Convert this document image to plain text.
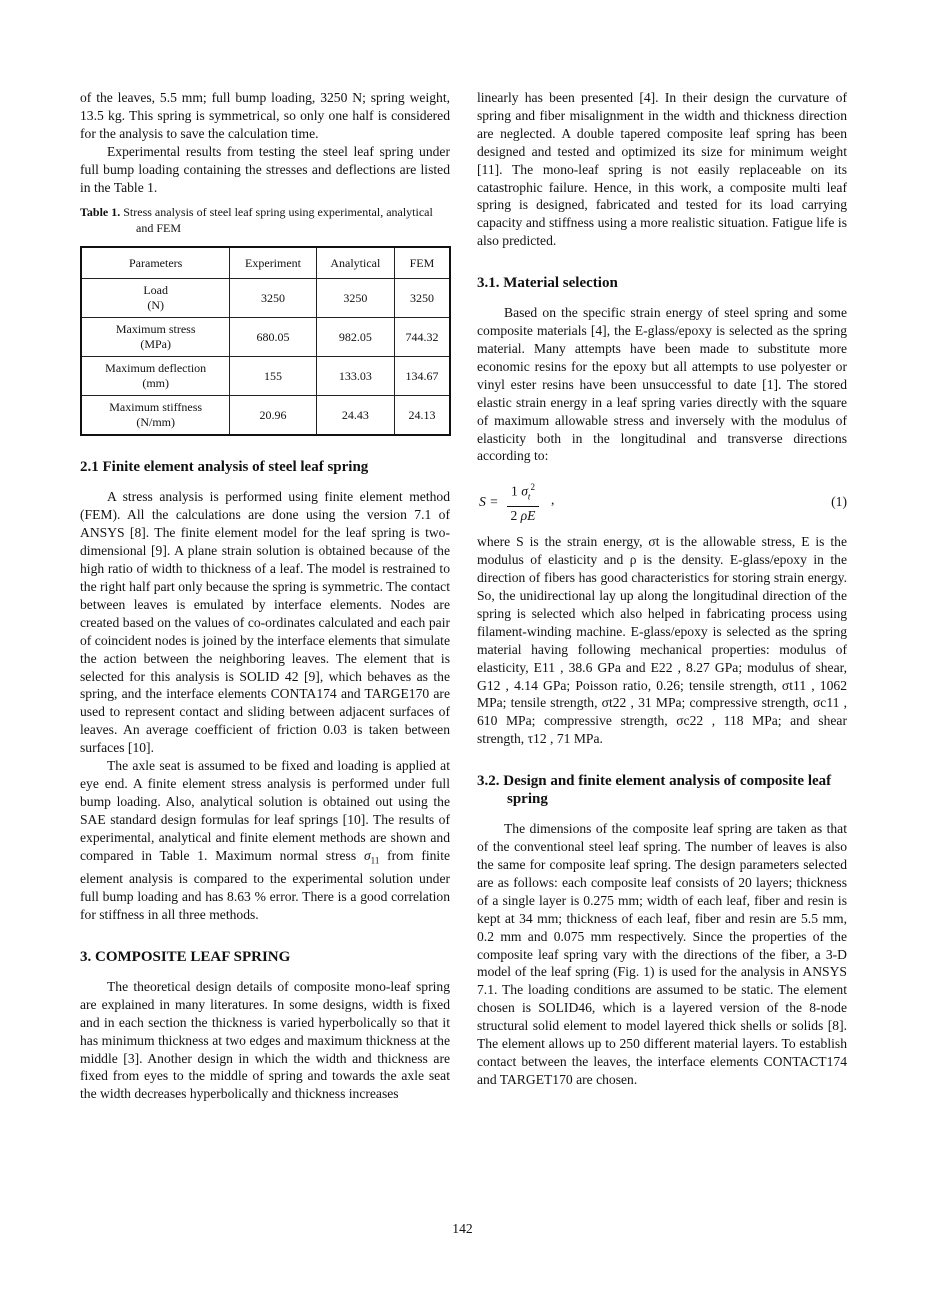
of the leaves, 5.5 mm; full bump loading, 3250 N; spring weight, 13.5 kg. This spring is symmetrical, so only one half is considered for the analysis to save the calculation time.

Experimental results from testing the steel leaf spring under full bump loading containing the stresses and deflections are listed in the Table 1.

Table 1. Stress analysis of steel leaf spring using experimental, analytical and FEM
Parameters	Experiment	Analytical	FEM
Load
(N)	3250	3250	3250
Maximum stress
(MPa)	680.05	982.05	744.32
Maximum deflection
(mm)	155	133.03	134.67
Maximum stiffness
(N/mm)	20.96	24.43	24.13
2.1 Finite element analysis of steel leaf spring

A stress analysis is performed using finite element method (FEM). All the calculations are done using the version 7.1 of ANSYS [8]. The finite element model for the leaf spring is two-dimensional [9]. A plane strain solution is obtained because of the high ratio of width to thickness of a leaf. The model is restrained to the right half part only because the spring is symmetric. The contact between leaves is emulated by interface elements. Nodes are created based on the values of co-ordinates calculated and each pair of coincident nodes is joined by the interface elements that simulate the action between the neighboring leaves. The element that is selected for this analysis is SOLID 42 [9], which behaves as the spring, and the interface elements CONTA174 and TARGE170 are used to represent contact and sliding between adjacent surfaces of leaves. An average coefficient of friction 0.03 is taken between surfaces [10].

The axle seat is assumed to be fixed and loading is applied at eye end. A finite element stress analysis is performed under full bump loading. Also, analytical solution is obtained out using the SAE standard design formulas for leaf springs [10]. The results of experimental, analytical and finite element methods are shown and compared in Table 1. Maximum normal stress $\sigma_{11}$ from finite element analysis is compared to the experimental solution under full bump loading and has 8.63 % error. There is a good correlation for stiffness in all three methods.

3. COMPOSITE LEAF SPRING

The theoretical design details of composite mono-leaf spring are explained in many literatures. In some designs, width is fixed and in each section the thickness is varied hyperbolically so that it has minimum thickness at two edges and maximum thickness at the middle [3]. Another design in which the width and thickness are fixed from eyes to the middle of spring and towards the axle seat the width decreases hyperbolically and thickness increases

linearly has been presented [4]. In their design the curvature of spring and fiber misalignment in the width and thickness direction are neglected. A double tapered composite leaf spring has been designed and tested and optimized its size for minimum weight [11]. The mono-leaf spring is not easily replaceable on its catastrophic failure. Hence, in this work, a composite multi leaf spring is designed, fabricated and tested for its load carrying capacity and stiffness using a more realistic situation. Fatigue life is also predicted.

3.1. Material selection

Based on the specific strain energy of steel spring and some composite materials [4], the E-glass/epoxy is selected as the spring material. Many attempts have been made to substitute more economic resins for the epoxy but all attempts to use polyester or vinyl ester resins have been unsuccessful to date [1]. The stored elastic strain energy in a leaf spring varies directly with the square of maximum allowable stress and inversely with the modulus of elasticity both in the longitudinal and transverse directions according to:

$S = \frac{1 \sigma_t^2}{2 \rho E}$ ,	(1)

where S is the strain energy, σt is the allowable stress, E is the modulus of elasticity and ρ is the density. E-glass/epoxy in the direction of fibers has good characteristics for storing strain energy. So, the unidirectional lay up along the longitudinal direction of the spring is selected which also helped in fabricating process using filament-winding machine. E-glass/epoxy is selected as the spring material having following mechanical properties: modulus of elasticity, E11 , 38.6 GPa and E22 , 8.27 GPa; modulus of shear, G12 , 4.14 GPa; Poisson ratio, 0.26; tensile strength, σt11 , 1062 MPa; tensile strength, σt22 , 31 MPa; compressive strength, σc11 , 610 MPa; compressive strength, σc22 , 118 MPa; and shear strength, τ12 , 71 MPa.

3.2. Design and finite element analysis of composite leaf spring

The dimensions of the composite leaf spring are taken as that of the conventional steel leaf spring. The number of leaves is also the same for composite leaf spring. The design parameters selected are as follows: each composite leaf consists of 20 layers; thickness of a single layer is 0.275 mm; width of each leaf, fiber and resin is kept at 34 mm; thickness of each leaf, fiber and resin are 5.5 mm, 0.2 mm and 0.075 mm respectively. Since the properties of the composite leaf spring vary with the directions of the fiber, a 3-D model of the leaf spring (Fig. 1) is used for the analysis in ANSYS 7.1. The loading conditions are assumed to be static. The element chosen is SOLID46, which is a layered version of the 8-node structural solid element to model layered thick shells or solids [8]. The element allows up to 250 different material layers. To establish contact between the leaves, the interface elements CONTACT174 and TARGET170 are chosen.

142
